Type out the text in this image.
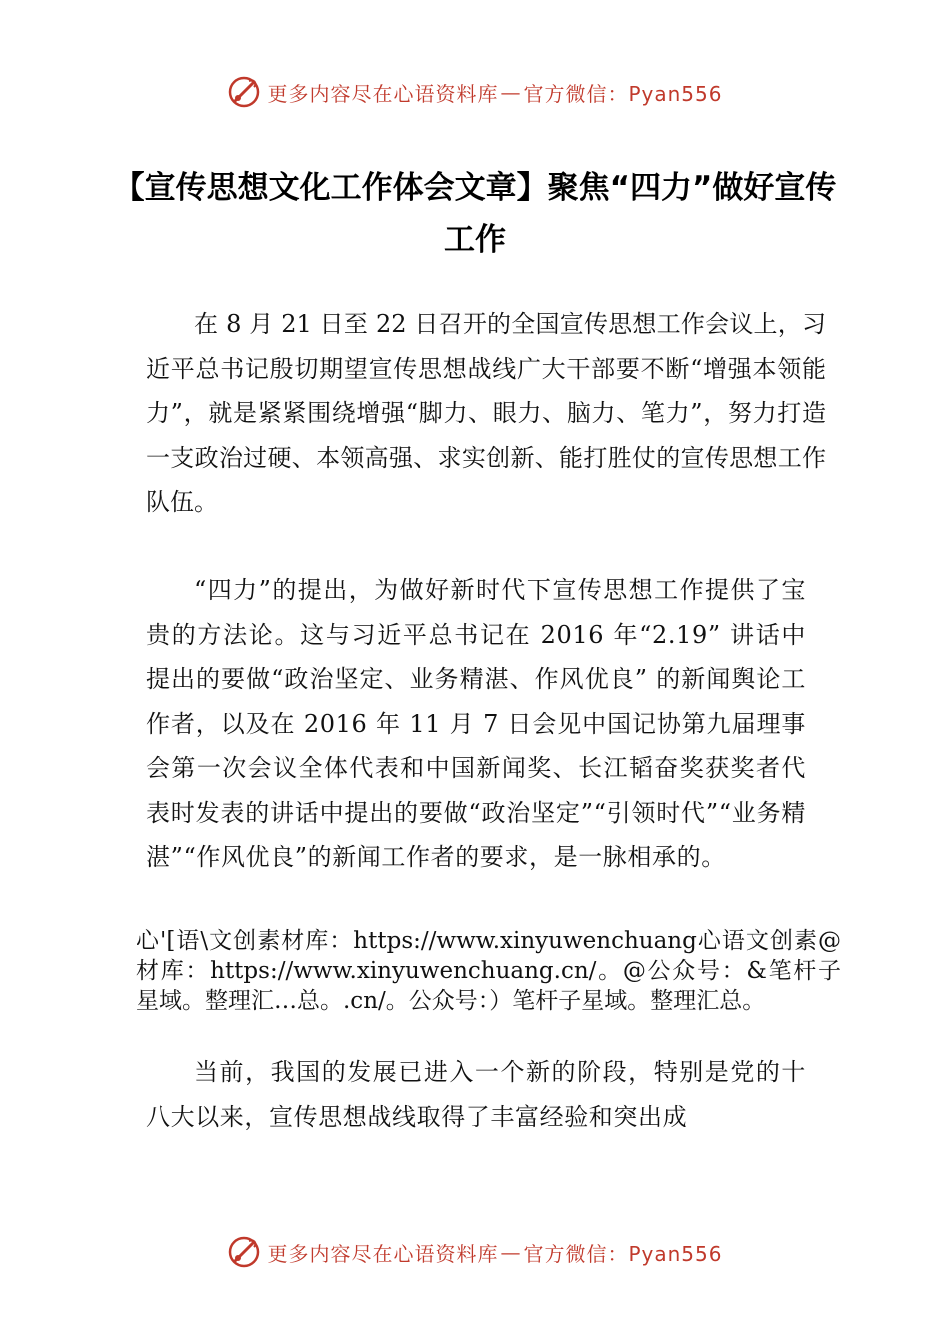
更多内容尽在心语资料库 — 官方微信：Pyan556
【宣传思想文化工作体会文章】聚焦“四力”做好宣传工作

在 8 月 21 日至 22 日召开的全国宣传思想工作会议上，习近平总书记殷切期望宣传思想战线广大干部要不断“增强本领能力”，就是紧紧围绕增强“脚力、眼力、脑力、笔力”，努力打造一支政治过硬、本领高强、求实创新、能打胜仗的宣传思想工作队伍。

“四力”的提出，为做好新时代下宣传思想工作提供了宝贵的方法论。这与习近平总书记在 2016 年“2.19” 讲话中提出的要做“政治坚定、业务精湛、作风优良” 的新闻舆论工作者，以及在 2016 年 11 月 7 日会见中国记协第九届理事会第一次会议全体代表和中国新闻奖、长江韬奋奖获奖者代表时发表的讲话中提出的要做“政治坚定”“引领时代”“业务精湛”“作风优良”的新闻工作者的要求，是一脉相承的。

心'[语\文创素材库：https://www.xinyuwenchuang心语文创素@材库：https://www.xinyuwenchuang.cn/。@公众号：&笔杆子星域。整理汇…总。.cn/。公众号：）笔杆子星域。整理汇总。

当前，我国的发展已进入一个新的阶段，特别是党的十八大以来，宣传思想战线取得了丰富经验和突出成

更多内容尽在心语资料库 — 官方微信：Pyan556
